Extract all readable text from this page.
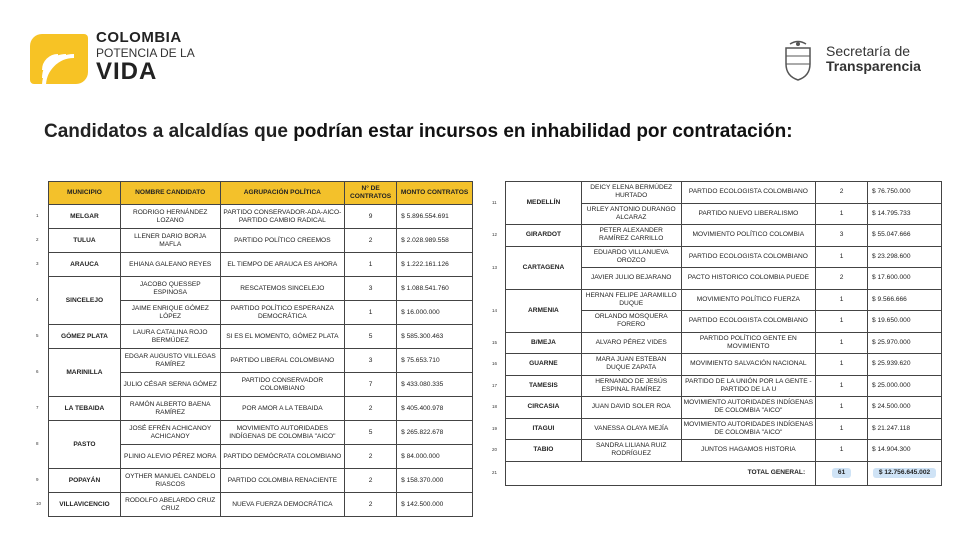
COLOMBIA
POTENCIA DE LA
VIDA
Secretaría de
Transparencia
Candidatos a alcaldías que podrían estar incursos en inhabilidad por contratación:
MUNICIPIO	NOMBRE CANDIDATO	AGRUPACIÓN POLÍTICA	N° DE CONTRATOS	MONTO CONTRATOS
MELGAR	RODRIGO HERNÁNDEZ LOZANO	PARTIDO CONSERVADOR-ADA-AICO-PARTIDO CAMBIO RADICAL	9	$ 5.896.554.691
TULUA	LLENER DARIO BORJA MAFLA	PARTIDO POLÍTICO CREEMOS	2	$ 2.028.989.558
ARAUCA	EHIANA GALEANO REYES	EL TIEMPO DE ARAUCA ES AHORA	1	$ 1.222.161.126
SINCELEJO	JACOBO QUESSEP ESPINOSA	RESCATEMOS SINCELEJO	3	$ 1.088.541.760
	JAIME ENRIQUE GÓMEZ LÓPEZ	PARTIDO POLÍTICO ESPERANZA DEMOCRÁTICA	1	$ 16.000.000
GÓMEZ PLATA	LAURA CATALINA ROJO BERMÚDEZ	SI ES EL MOMENTO, GÓMEZ PLATA	5	$ 585.300.463
MARINILLA	EDGAR AUGUSTO VILLEGAS RAMÍREZ	PARTIDO LIBERAL COLOMBIANO	3	$ 75.653.710
	JULIO CÉSAR SERNA GÓMEZ	PARTIDO CONSERVADOR COLOMBIANO	7	$ 433.080.335
LA TEBAIDA	RAMÓN ALBERTO BAENA RAMÍREZ	POR AMOR A LA TEBAIDA	2	$ 405.400.978
PASTO	JOSÉ EFRÉN ACHICANOY ACHICANOY	MOVIMIENTO AUTORIDADES INDÍGENAS DE COLOMBIA "AICO"	5	$ 265.822.678
	PLINIO ALEVIO PÉREZ MORA	PARTIDO DEMÓCRATA COLOMBIANO	2	$ 84.000.000
POPAYÁN	OYTHER MANUEL CANDELO RIASCOS	PARTIDO COLOMBIA RENACIENTE	2	$ 158.370.000
VILLAVICENCIO	RODOLFO ABELARDO CRUZ CRUZ	NUEVA FUERZA DEMOCRÁTICA	2	$ 142.500.000
MEDELLÍN	DEICY ELENA BERMÚDEZ HURTADO	PARTIDO ECOLOGISTA COLOMBIANO	2	$ 76.750.000
	URLEY ANTONIO DURANGO ALCARAZ	PARTIDO NUEVO LIBERALISMO	1	$ 14.795.733
GIRARDOT	PETER ALEXANDER RAMÍREZ CARRILLO	MOVIMIENTO POLÍTICO COLOMBIA	3	$ 55.047.666
CARTAGENA	EDUARDO VILLANUEVA OROZCO	PARTIDO ECOLOGISTA COLOMBIANO	1	$ 23.298.600
	JAVIER JULIO BEJARANO	PACTO HISTORICO COLOMBIA PUEDE	2	$ 17.600.000
ARMENIA	HERNAN FELIPE JARAMILLO DUQUE	MOVIMIENTO POLÍTICO FUERZA	1	$ 9.566.666
	ORLANDO MOSQUERA FORERO	PARTIDO ECOLOGISTA COLOMBIANO	1	$ 19.650.000
B/MEJA	ALVARO PÉREZ VIDES	PARTIDO POLÍTICO GENTE EN MOVIMIENTO	1	$ 25.970.000
GUARNE	MARA JUAN ESTEBAN DUQUE ZAPATA	MOVIMIENTO SALVACIÓN NACIONAL	1	$ 25.939.620
TAMESIS	HERNANDO DE JESÚS ESPINAL RAMÍREZ	PARTIDO DE LA UNIÓN POR LA GENTE - PARTIDO DE LA U	1	$ 25.000.000
CIRCASIA	JUAN DAVID SOLER ROA	MOVIMIENTO AUTORIDADES INDÍGENAS DE COLOMBIA "AICO"	1	$ 24.500.000
ITAGUI	VANESSA OLAYA MEJÍA	MOVIMIENTO AUTORIDADES INDÍGENAS DE COLOMBIA "AICO"	1	$ 21.247.118
TABIO	SANDRA LILIANA RUIZ RODRÍGUEZ	JUNTOS HAGAMOS HISTORIA	1	$ 14.904.300
TOTAL GENERAL:			61	$ 12.756.645.002
1
2
3
4
5
6
7
8
9
10
11
12
13
14
15
16
17
18
19
20
21
